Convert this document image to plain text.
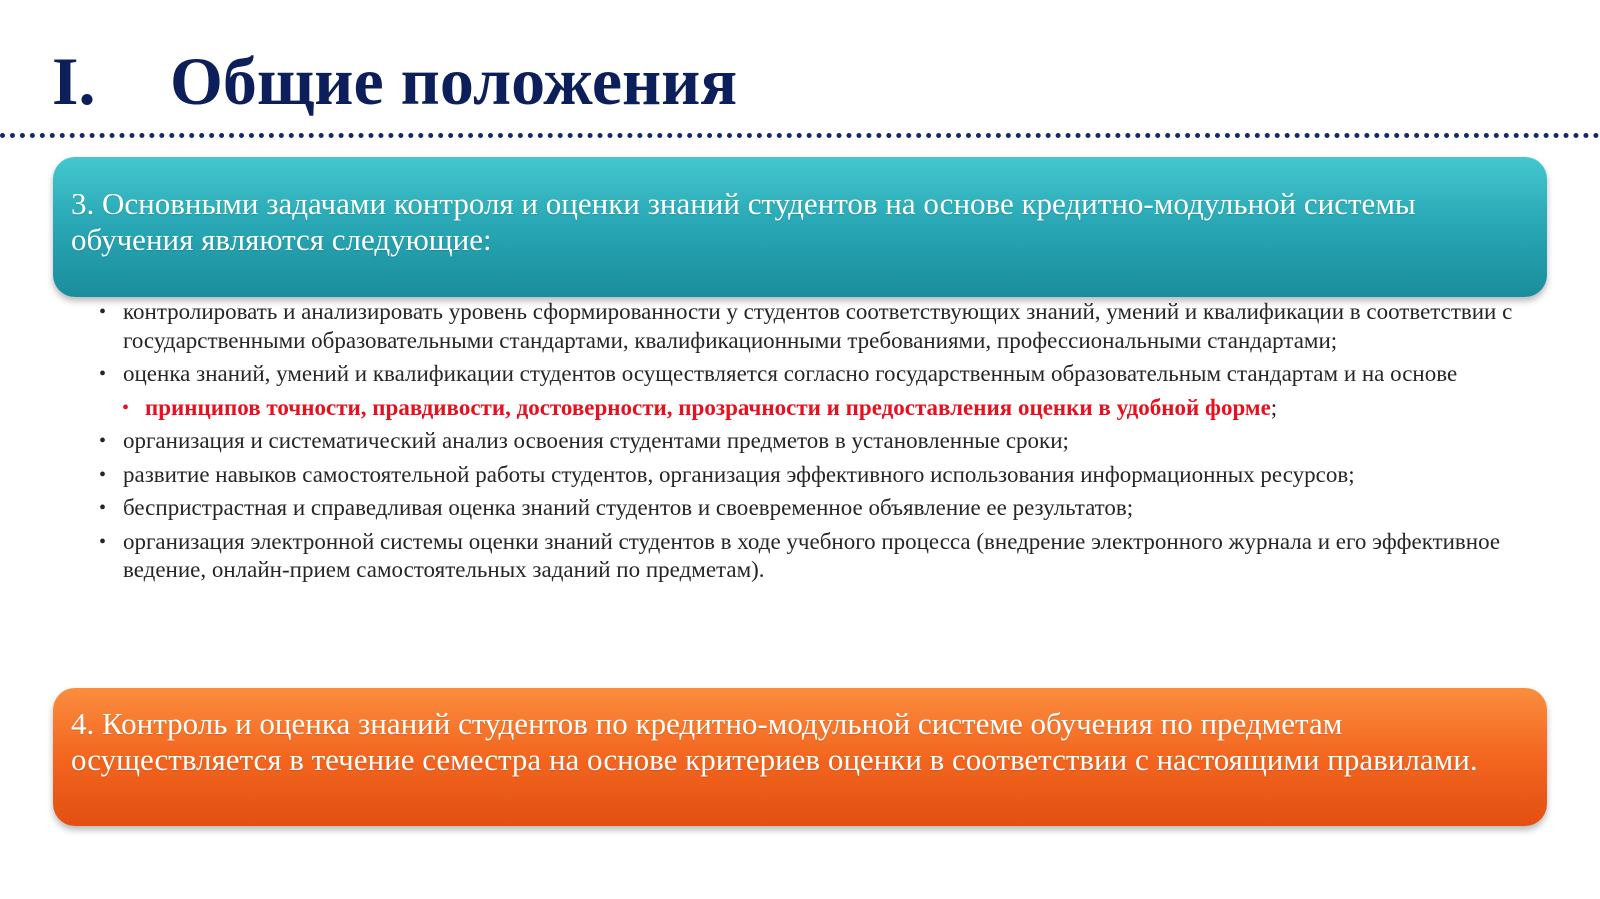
I. Общие положения
3. Основными задачами контроля и оценки знаний студентов на основе кредитно-модульной системы обучения являются следующие:
• контролировать и анализировать уровень сформированности у студентов соответствующих знаний, умений и квалификации в соответствии с государственными образовательными стандартами, квалификационными требованиями, профессиональными стандартами;
• оценка знаний, умений и квалификации студентов осуществляется согласно государственным образовательным стандартам и на основе
• принципов точности, правдивости, достоверности, прозрачности и предоставления оценки в удобной форме;
• организация и систематический анализ освоения студентами предметов в установленные сроки;
• развитие навыков самостоятельной работы студентов, организация эффективного использования информационных ресурсов;
• беспристрастная и справедливая оценка знаний студентов и своевременное объявление ее результатов;
• организация электронной системы оценки знаний студентов в ходе учебного процесса (внедрение электронного журнала и его эффективное ведение, онлайн-прием самостоятельных заданий по предметам).
4. Контроль и оценка знаний студентов по кредитно-модульной системе обучения по предметам осуществляется в течение семестра на основе критериев оценки в соответствии с настоящими правилами.
